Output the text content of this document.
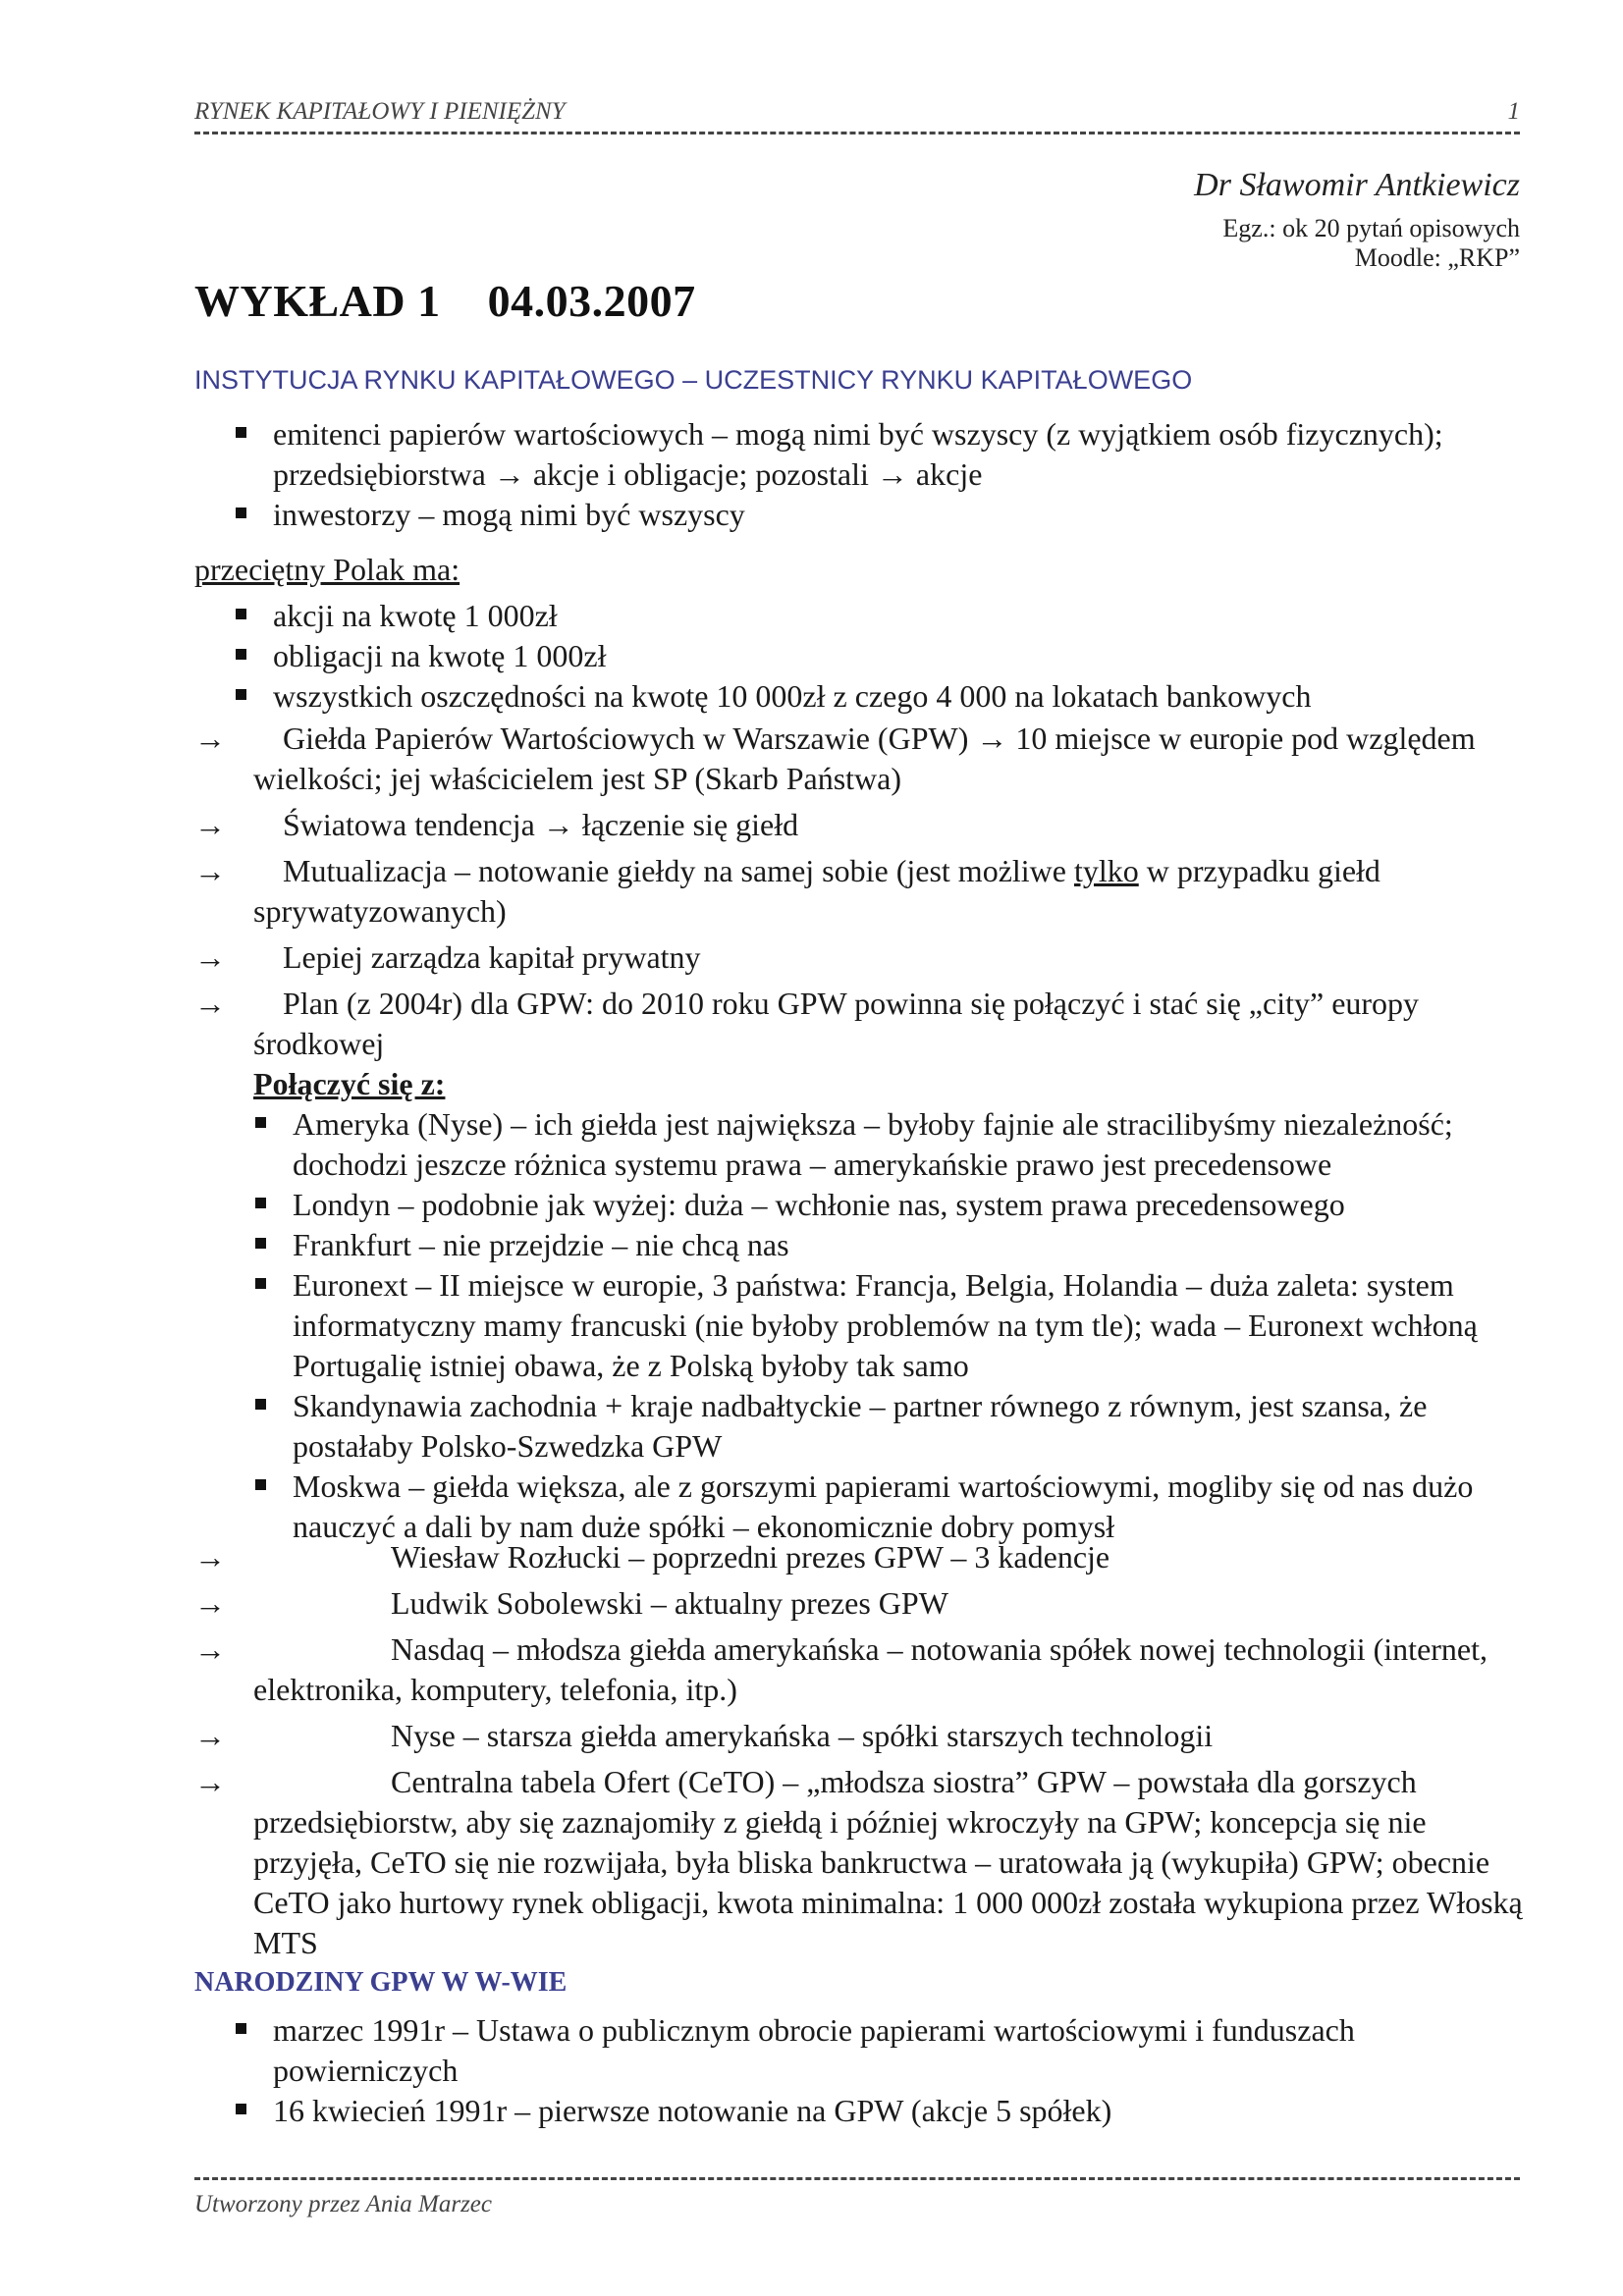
RYNEK KAPITAŁOWY I PIENIĘŻNY	1
Dr Sławomir Antkiewicz
Egz.: ok 20 pytań opisowych
Moodle: „RKP”
WYKŁAD 1    04.03.2007
INSTYTUCJA RYNKU KAPITAŁOWEGO – UCZESTNICY RYNKU KAPITAŁOWEGO
emitenci papierów wartościowych – mogą nimi być wszyscy (z wyjątkiem osób fizycznych); przedsiębiorstwa → akcje i obligacje; pozostali → akcje
inwestorzy – mogą nimi być wszyscy
przeciętny Polak ma:
akcji na kwotę 1 000zł
obligacji na kwotę 1 000zł
wszystkich oszczędności na kwotę 10 000zł z czego 4 000 na lokatach bankowych
→ Giełda Papierów Wartościowych w Warszawie (GPW) → 10 miejsce w europie pod względem wielkości; jej właścicielem jest SP (Skarb Państwa)
→ Światowa tendencja → łączenie się giełd
→ Mutualizacja – notowanie giełdy na samej sobie (jest możliwe tylko w przypadku giełd sprywatyzowanych)
→ Lepiej zarządza kapitał prywatny
→ Plan (z 2004r) dla GPW: do 2010 roku GPW powinna się połączyć i stać się „city” europy środkowej
Połączyć się z:
Ameryka (Nyse) – ich giełda jest największa – byłoby fajnie ale stracilibyśmy niezależność; dochodzi jeszcze różnica systemu prawa – amerykańskie prawo jest precedensowe
Londyn – podobnie jak wyżej: duża – wchłonie nas, system prawa precedensowego
Frankfurt – nie przejdzie – nie chcą nas
Euronext – II miejsce w europie, 3 państwa: Francja, Belgia, Holandia – duża zaleta: system informatyczny mamy francuski (nie byłoby problemów na tym tle); wada – Euronext wchłoną Portugalię istniej obawa, że z Polską byłoby tak samo
Skandynawia zachodnia + kraje nadbałtyckie – partner równego z równym, jest szansa, że postałaby Polsko-Szwedzka GPW
Moskwa – giełda większa, ale z gorszymi papierami wartościowymi, mogliby się od nas dużo nauczyć a dali by nam duże spółki – ekonomicznie dobry pomysł
→	Wiesław Rozłucki – poprzedni prezes GPW – 3 kadencje
→	Ludwik Sobolewski – aktualny prezes GPW
→	Nasdaq – młodsza giełda amerykańska – notowania spółek nowej technologii (internet, elektronika, komputery, telefonia, itp.)
→	Nyse – starsza giełda amerykańska – spółki starszych technologii
→	Centralna tabela Ofert (CeTO) – „młodsza siostra” GPW – powstała dla gorszych przedsiębiorstw, aby się zaznajomiły z giełdą i później wkroczyły na GPW; koncepcja się nie przyjęła, CeTO się nie rozwijała, była bliska bankructwa – uratowała ją (wykupiła) GPW; obecnie CeTO jako hurtowy rynek obligacji, kwota minimalna: 1 000 000zł została wykupiona przez Włoską MTS
NARODZINY GPW W W-WIE
marzec 1991r – Ustawa o publicznym obrocie papierami wartościowymi i funduszach powierniczych
16 kwiecień 1991r – pierwsze notowanie na GPW (akcje 5 spółek)
Utworzony przez Ania Marzec
